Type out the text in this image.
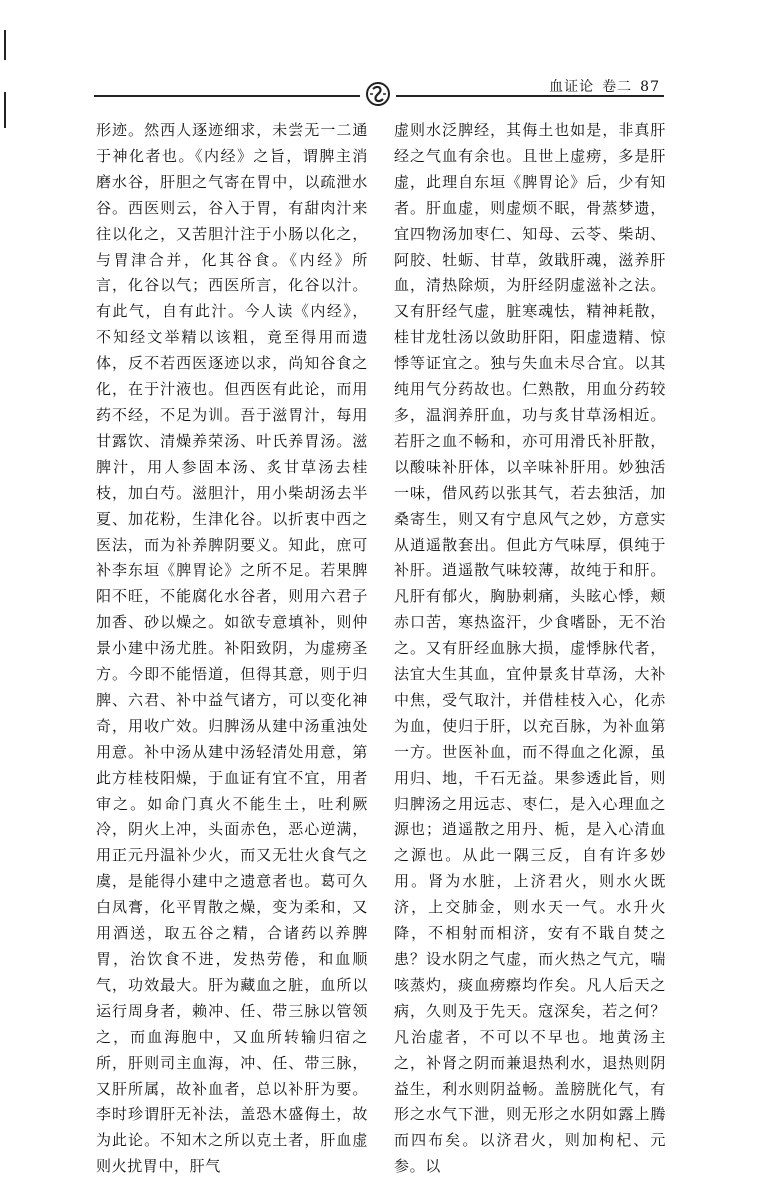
血证论 卷二 87

形迹。然西人逐迹细求，未尝无一二通于神化者也。《内经》之旨，谓脾主消磨水谷，肝胆之气寄在胃中，以疏泄水谷。西医则云，谷入于胃，有甜肉汁来往以化之，又苦胆汁注于小肠以化之，与胃津合并，化其谷食。《内经》所言，化谷以气；西医所言，化谷以汁。有此气，自有此汁。今人读《内经》，不知经文举精以该粗，竟至得用而遗体，反不若西医逐迹以求，尚知谷食之化，在于汁液也。但西医有此论，而用药不经，不足为训。吾于滋胃汁，每用甘露饮、清燥养荣汤、叶氏养胃汤。滋脾汁，用人参固本汤、炙甘草汤去桂枝，加白芍。滋胆汁，用小柴胡汤去半夏、加花粉，生津化谷。以折衷中西之医法，而为补养脾阴要义。知此，庶可补李东垣《脾胃论》之所不足。若果脾阳不旺，不能腐化水谷者，则用六君子加香、砂以燥之。如欲专意填补，则仲景小建中汤尤胜。补阳致阴，为虚痨圣方。今即不能悟道，但得其意，则于归脾、六君、补中益气诸方，可以变化神奇，用收广效。归脾汤从建中汤重浊处用意。补中汤从建中汤轻清处用意，第此方桂枝阳燥，于血证有宜不宜，用者审之。如命门真火不能生土，吐利厥冷，阴火上冲，头面赤色，恶心逆满，用正元丹温补少火，而又无壮火食气之虞，是能得小建中之遗意者也。葛可久白凤膏，化平胃散之燥，变为柔和，又用酒送，取五谷之精，合诸药以养脾胃，治饮食不进，发热劳倦，和血顺气，功效最大。肝为藏血之脏，血所以运行周身者，赖冲、任、带三脉以管领之，而血海胞中，又血所转输归宿之所，肝则司主血海，冲、任、带三脉，又肝所属，故补血者，总以补肝为要。李时珍谓肝无补法，盖恐木盛侮土，故为此论。不知木之所以克土者，肝血虚则火扰胃中，肝气

虚则水泛脾经，其侮土也如是，非真肝经之气血有余也。且世上虚痨，多是肝虚，此理自东垣《脾胃论》后，少有知者。肝血虚，则虚烦不眠，骨蒸梦遗，宜四物汤加枣仁、知母、云苓、柴胡、阿胶、牡蛎、甘草，敛戢肝魂，滋养肝血，清热除烦，为肝经阴虚滋补之法。又有肝经气虚，脏寒魂怯，精神耗散，桂甘龙牡汤以敛助肝阳，阳虚遗精、惊悸等证宜之。独与失血未尽合宜。以其纯用气分药故也。仁熟散，用血分药较多，温润养肝血，功与炙甘草汤相近。若肝之血不畅和，亦可用滑氏补肝散，以酸味补肝体，以辛味补肝用。妙独活一味，借风药以张其气，若去独活，加桑寄生，则又有宁息风气之妙，方意实从逍遥散套出。但此方气味厚，俱纯于补肝。逍遥散气味较薄，故纯于和肝。凡肝有郁火，胸胁刺痛，头眩心悸，颊赤口苦，寒热盗汗，少食嗜卧，无不治之。又有肝经血脉大损，虚悸脉代者，法宜大生其血，宜仲景炙甘草汤，大补中焦，受气取汁，并借桂枝入心，化赤为血，使归于肝，以充百脉，为补血第一方。世医补血，而不得血之化源，虽用归、地，千石无益。果参透此旨，则归脾汤之用远志、枣仁，是入心理血之源也；逍遥散之用丹、栀，是入心清血之源也。从此一隅三反，自有许多妙用。肾为水脏，上济君火，则水火既济，上交肺金，则水天一气。水升火降，不相射而相济，安有不戢自焚之患？设水阴之气虚，而火热之气亢，喘咳蒸灼，痰血痨瘵均作矣。凡人后天之病，久则及于先天。寇深矣，若之何？凡治虚者，不可以不早也。地黄汤主之，补肾之阴而兼退热利水，退热则阴益生，利水则阴益畅。盖膀胱化气，有形之水气下泄，则无形之水阴如露上腾而四布矣。以济君火，则加枸杞、元参。以
